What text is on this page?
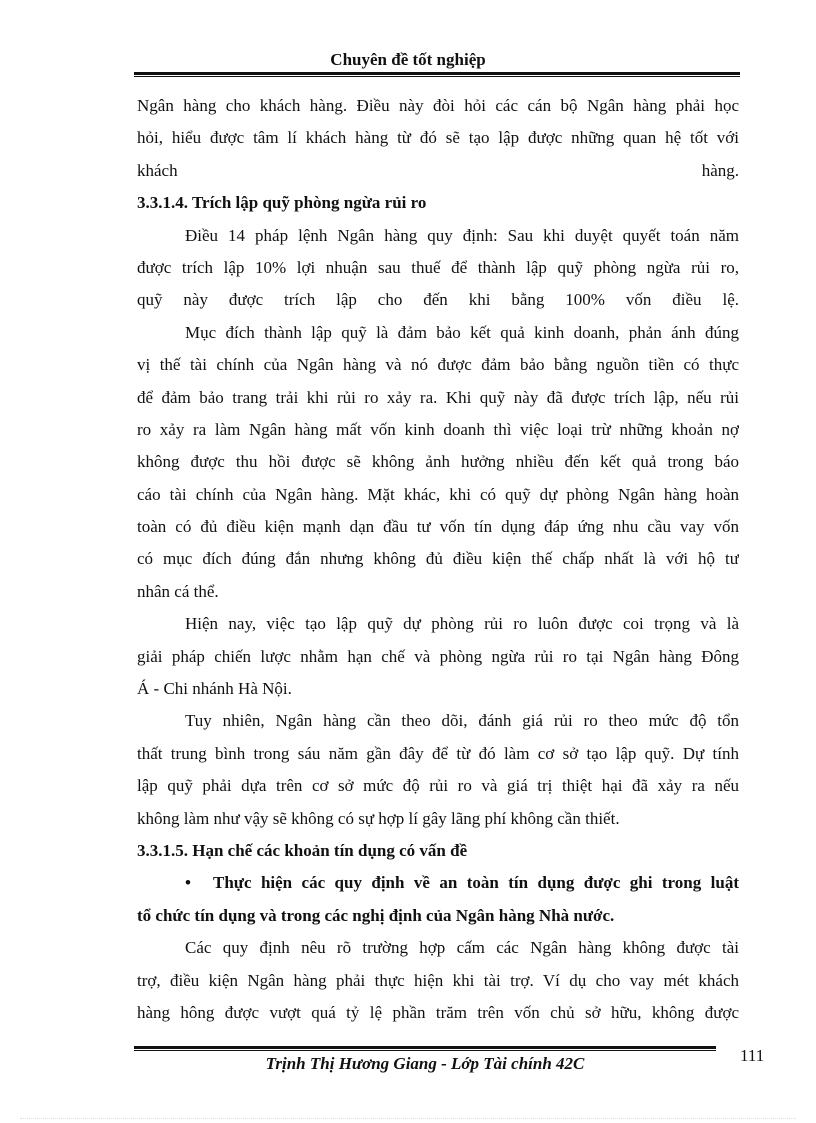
Chuyên đề tốt nghiệp
Ngân hàng cho khách hàng. Điều này đòi hỏi các cán bộ Ngân hàng phải học
hỏi, hiểu được tâm lí khách hàng từ đó sẽ tạo lập được những quan hệ tốt với
khách hàng.
3.3.1.4. Trích lập quỹ phòng ngừa rủi ro
Điều 14 pháp lệnh Ngân hàng quy định: Sau khi duyệt quyết toán năm
được trích lập 10% lợi nhuận sau thuế để thành lập quỹ phòng ngừa rủi ro,
quỹ này được trích lập cho đến khi bằng 100% vốn điều lệ.
Mục đích thành lập quỹ là đảm bảo kết quả kinh doanh, phản ánh đúng
vị thế tài chính của Ngân hàng và nó được đảm bảo bằng nguồn tiền có thực
để đảm bảo trang trải khi rủi ro xảy ra. Khi quỹ này đã được trích lập, nếu rủi
ro xảy ra làm Ngân hàng mất vốn kinh doanh thì việc loại trừ những khoản nợ
không được thu hồi được sẽ không ảnh hưởng nhiều đến kết quả trong báo
cáo tài chính của Ngân hàng. Mặt khác, khi có quỹ dự phòng Ngân hàng hoàn
toàn có đủ điều kiện mạnh dạn đầu tư vốn tín dụng đáp ứng nhu cầu vay vốn
có mục đích đúng đắn nhưng không đủ điều kiện thế chấp nhất là với hộ tư
nhân cá thể.
Hiện nay, việc tạo lập quỹ dự phòng rủi ro luôn được coi trọng và là
giải pháp chiến lược nhằm hạn chế và phòng ngừa rủi ro tại Ngân hàng Đông
Á - Chi nhánh Hà Nội.
Tuy nhiên, Ngân hàng cần theo dõi, đánh giá rủi ro theo mức độ tổn
thất trung bình trong sáu năm gần đây để từ đó làm cơ sở tạo lập quỹ. Dự tính
lập quỹ phải dựa trên cơ sở mức độ rủi ro và giá trị thiệt hại đã xảy ra nếu
không làm như vậy sẽ không có sự hợp lí gây lãng phí không cần thiết.
3.3.1.5. Hạn chế các khoản tín dụng có vấn đề
• Thực hiện các quy định về an toàn tín dụng được ghi trong luật
tổ chức tín dụng và trong các nghị định của Ngân hàng Nhà nước.
Các quy định nêu rõ trường hợp cấm các Ngân hàng không được tài
trợ, điều kiện Ngân hàng phải thực hiện khi tài trợ. Ví dụ cho vay mét khách
hàng hông được vượt quá tỷ lệ phần trăm trên vốn chủ sở hữu, không được
Trịnh Thị Hương Giang - Lớp Tài chính 42C	111
